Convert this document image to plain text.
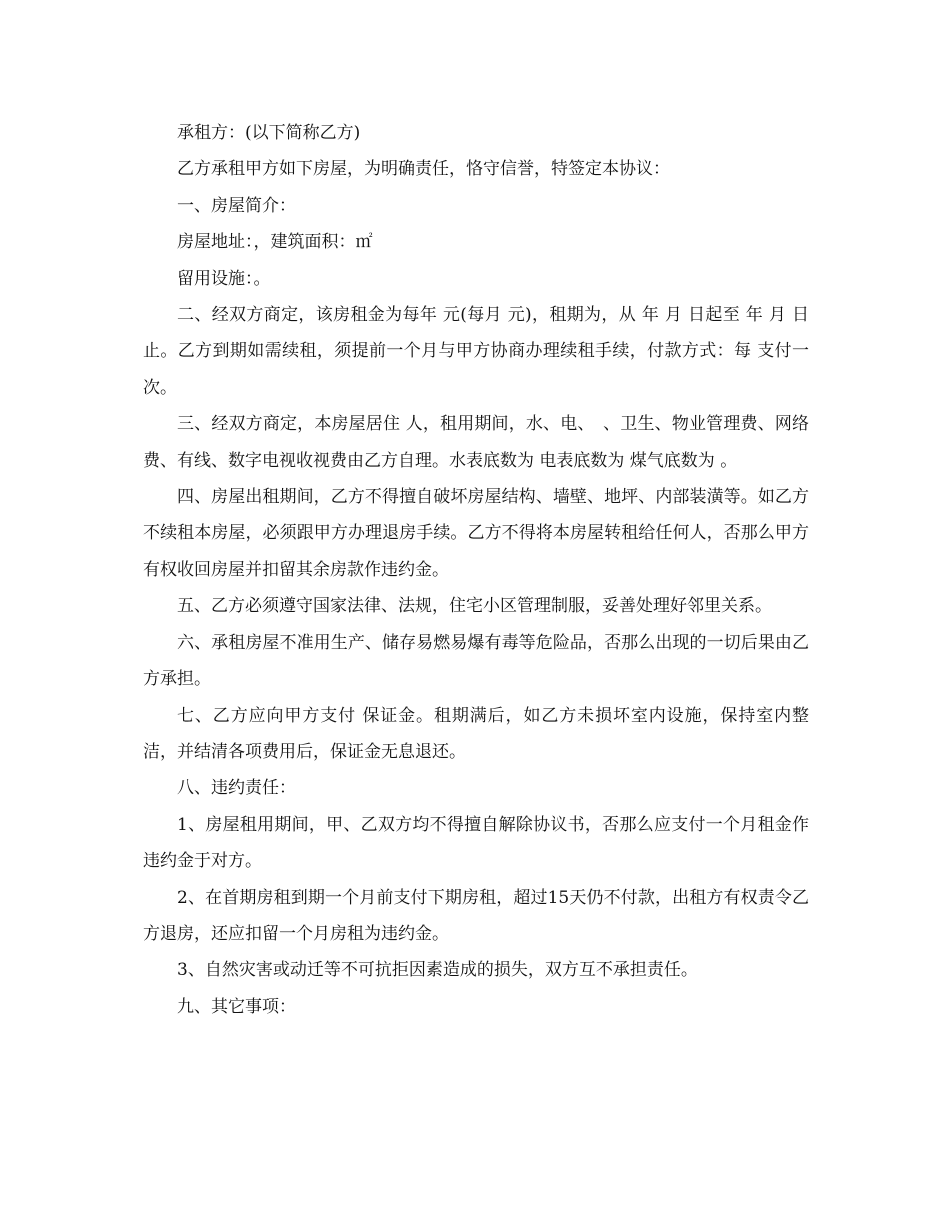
承租方：(以下简称乙方)

乙方承租甲方如下房屋，为明确责任，恪守信誉，特签定本协议：

一、房屋简介：

房屋地址：，建筑面积：㎡

留用设施：。

二、经双方商定，该房租金为每年 元(每月 元)，租期为，从 年 月 日起至 年 月 日止。乙方到期如需续租，须提前一个月与甲方协商办理续租手续，付款方式：每 支付一次。

三、经双方商定，本房屋居住 人，租用期间，水、电、　、卫生、物业管理费、网络费、有线、数字电视收视费由乙方自理。水表底数为 电表底数为 煤气底数为 。

四、房屋出租期间，乙方不得擅自破坏房屋结构、墙壁、地坪、内部装潢等。如乙方不续租本房屋，必须跟甲方办理退房手续。乙方不得将本房屋转租给任何人，否那么甲方有权收回房屋并扣留其余房款作违约金。

五、乙方必须遵守国家法律、法规，住宅小区管理制服，妥善处理好邻里关系。

六、承租房屋不准用生产、储存易燃易爆有毒等危险品，否那么出现的一切后果由乙方承担。

七、乙方应向甲方支付 保证金。租期满后，如乙方未损坏室内设施，保持室内整洁，并结清各项费用后，保证金无息退还。

八、违约责任：

1、房屋租用期间，甲、乙双方均不得擅自解除协议书，否那么应支付一个月租金作违约金于对方。

2、在首期房租到期一个月前支付下期房租，超过15天仍不付款，出租方有权责令乙方退房，还应扣留一个月房租为违约金。

3、自然灾害或动迁等不可抗拒因素造成的损失，双方互不承担责任。

九、其它事项：
